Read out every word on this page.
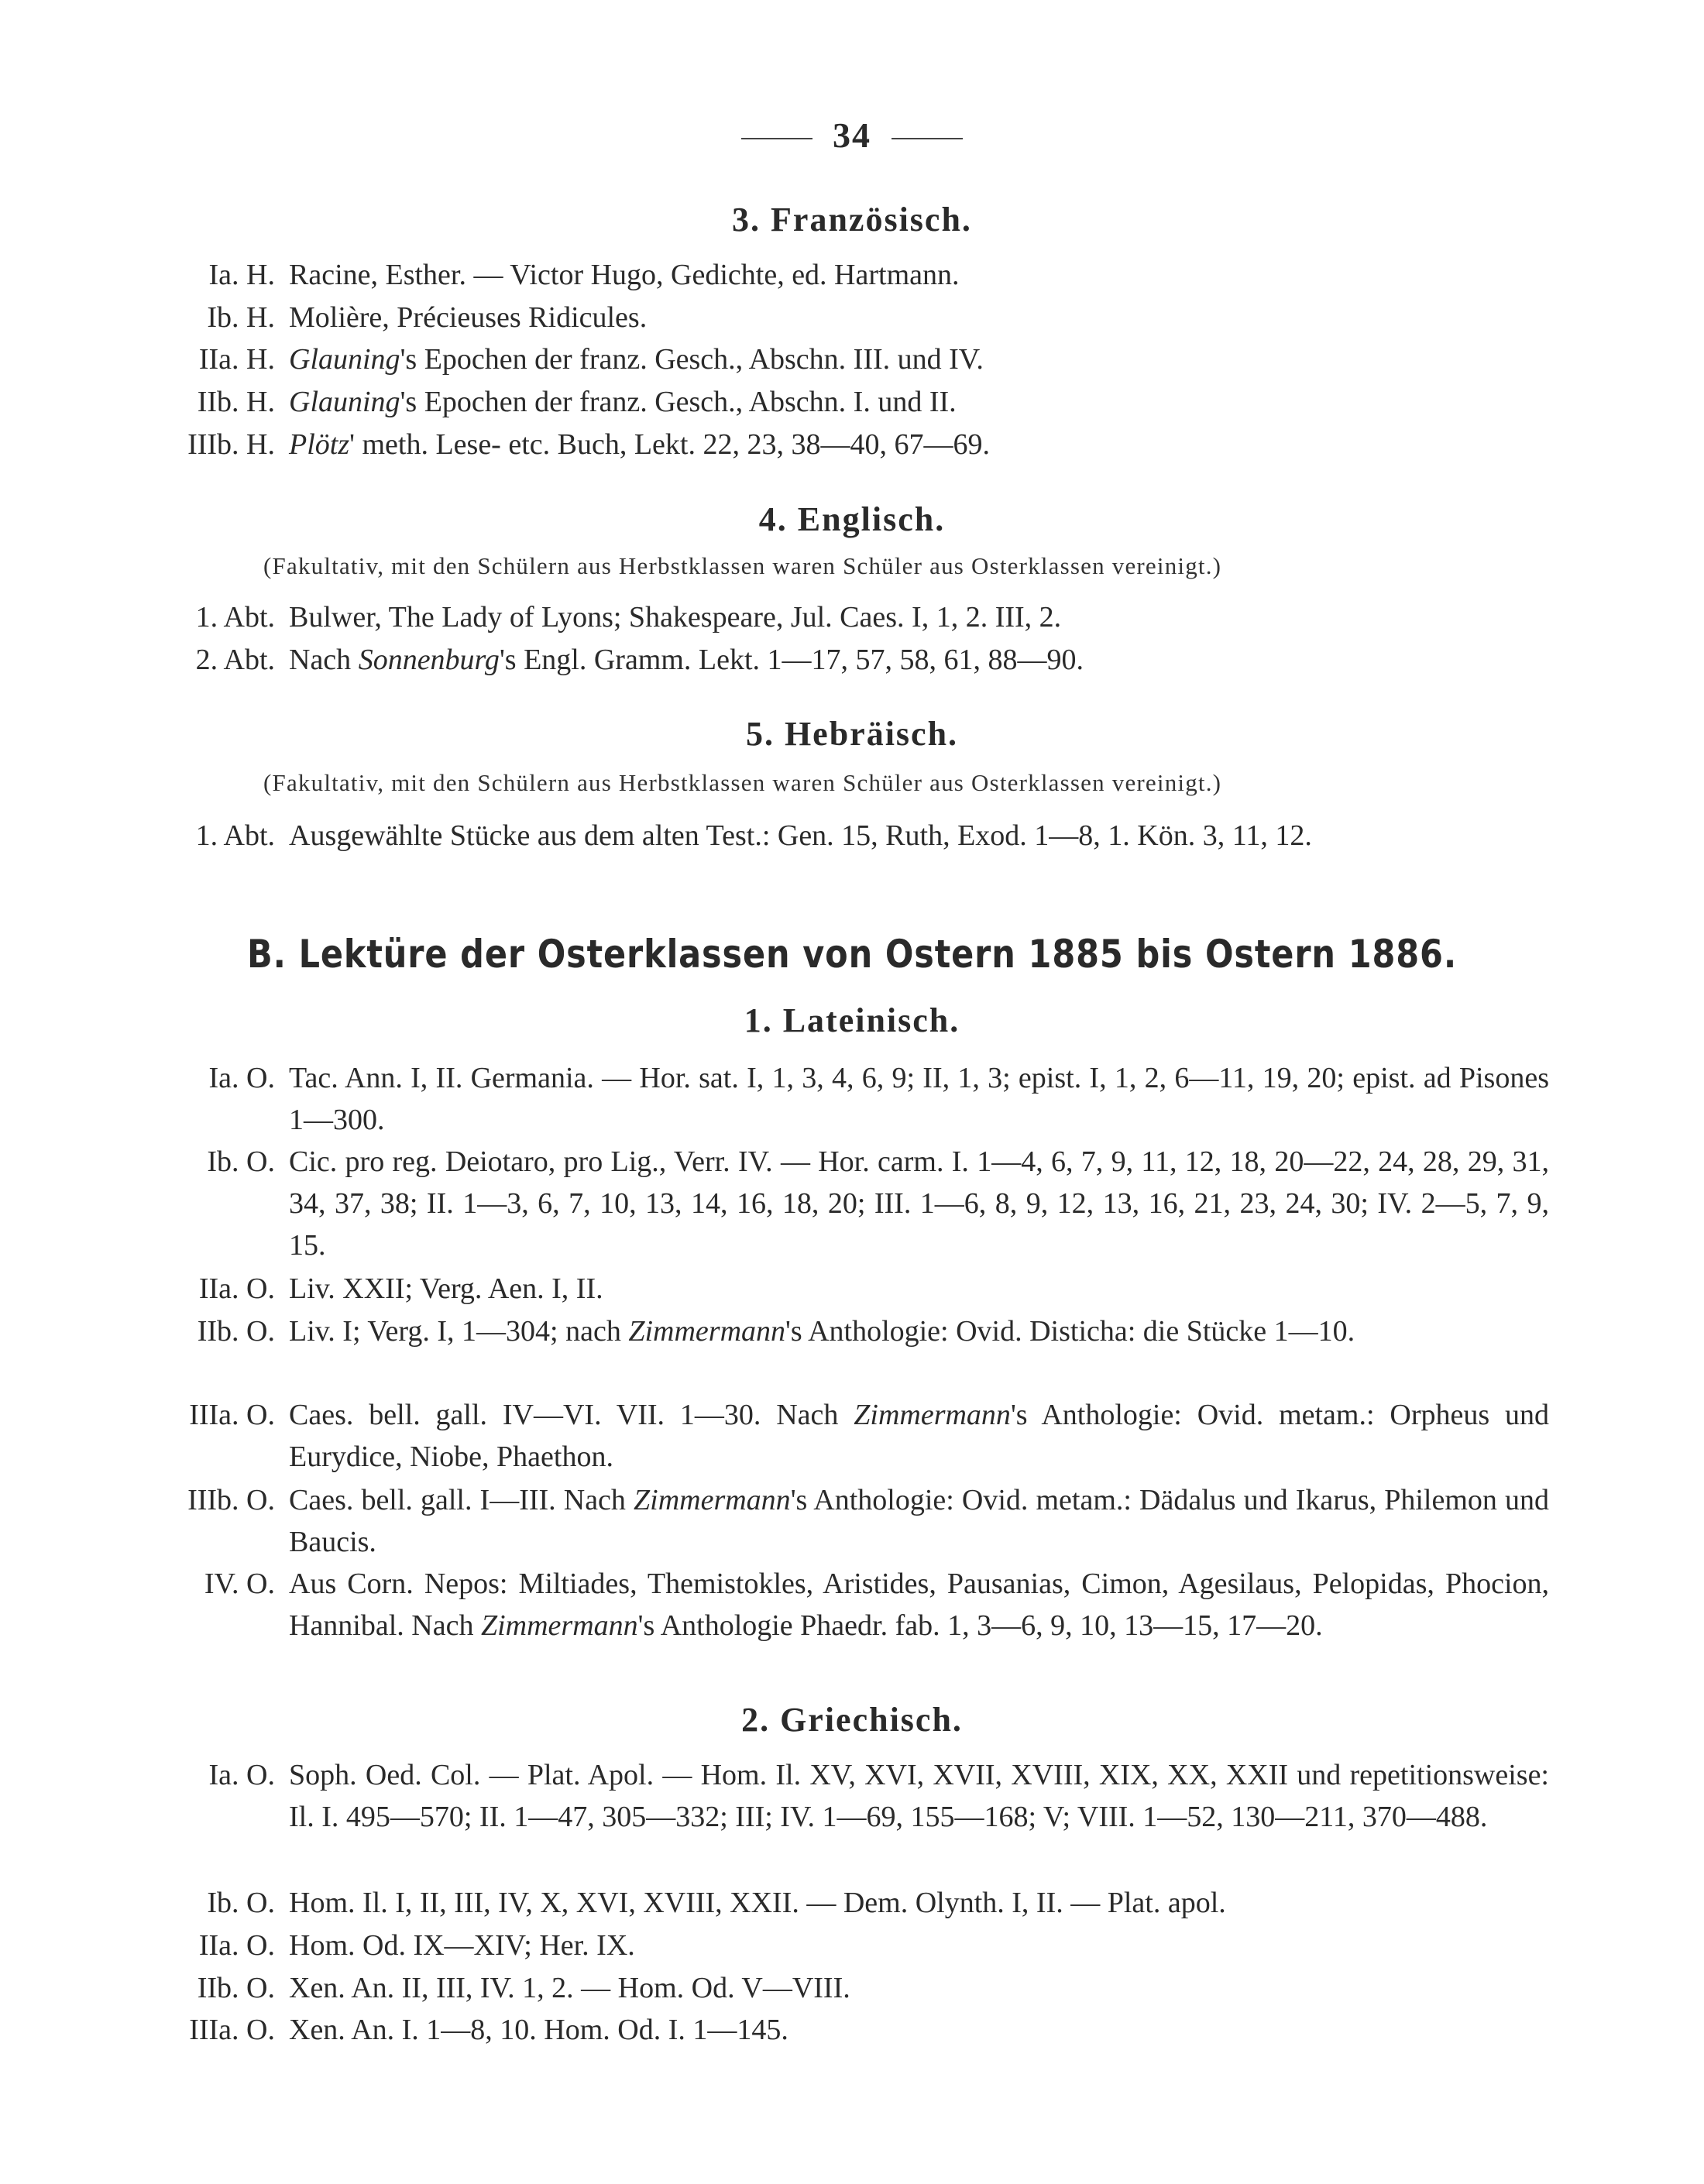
34
3. Französisch.
Ia. H. Racine, Esther. — Victor Hugo, Gedichte, ed. Hartmann.
Ib. H. Molière, Précieuses Ridicules.
IIa. H. Glauning's Epochen der franz. Gesch., Abschn. III. und IV.
IIb. H. Glauning's Epochen der franz. Gesch., Abschn. I. und II.
IIIb. H. Plötz' meth. Lese- etc. Buch, Lekt. 22, 23, 38—40, 67—69.
4. Englisch.
(Fakultativ, mit den Schülern aus Herbstklassen waren Schüler aus Osterklassen vereinigt.)
1. Abt. Bulwer, The Lady of Lyons; Shakespeare, Jul. Caes. I, 1, 2. III, 2.
2. Abt. Nach Sonnenburg's Engl. Gramm. Lekt. 1—17, 57, 58, 61, 88—90.
5. Hebräisch.
(Fakultativ, mit den Schülern aus Herbstklassen waren Schüler aus Osterklassen vereinigt.)
1. Abt. Ausgewählte Stücke aus dem alten Test.: Gen. 15, Ruth, Exod. 1—8, 1. Kön. 3, 11, 12.
B. Lektüre der Osterklassen von Ostern 1885 bis Ostern 1886.
1. Lateinisch.
Ia. O. Tac. Ann. I, II. Germania. — Hor. sat. I, 1, 3, 4, 6, 9; II, 1, 3; epist. I, 1, 2, 6—11, 19, 20; epist. ad Pisones 1—300.
Ib. O. Cic. pro reg. Deiotaro, pro Lig., Verr. IV. — Hor. carm. I. 1—4, 6, 7, 9, 11, 12, 18, 20—22, 24, 28, 29, 31, 34, 37, 38; II. 1—3, 6, 7, 10, 13, 14, 16, 18, 20; III. 1—6, 8, 9, 12, 13, 16, 21, 23, 24, 30; IV. 2—5, 7, 9, 15.
IIa. O. Liv. XXII; Verg. Aen. I, II.
IIb. O. Liv. I; Verg. I, 1—304; nach Zimmermann's Anthologie: Ovid. Disticha: die Stücke 1—10.
IIIa. O. Caes. bell. gall. IV—VI. VII. 1—30. Nach Zimmermann's Anthologie: Ovid. metam.: Orpheus und Eurydice, Niobe, Phaethon.
IIIb. O. Caes. bell. gall. I—III. Nach Zimmermann's Anthologie: Ovid. metam.: Dädalus und Ikarus, Philemon und Baucis.
IV. O. Aus Corn. Nepos: Miltiades, Themistokles, Aristides, Pausanias, Cimon, Agesilaus, Pelopidas, Phocion, Hannibal. Nach Zimmermann's Anthologie Phaedr. fab. 1, 3—6, 9, 10, 13—15, 17—20.
2. Griechisch.
Ia. O. Soph. Oed. Col. — Plat. Apol. — Hom. Il. XV, XVI, XVII, XVIII, XIX, XX, XXII und repetitionsweise: Il. I. 495—570; II. 1—47, 305—332; III; IV. 1—69, 155—168; V; VIII. 1—52, 130—211, 370—488.
Ib. O. Hom. Il. I, II, III, IV, X, XVI, XVIII, XXII. — Dem. Olynth. I, II. — Plat. apol.
IIa. O. Hom. Od. IX—XIV; Her. IX.
IIb. O. Xen. An. II, III, IV. 1, 2. — Hom. Od. V—VIII.
IIIa. O. Xen. An. I. 1—8, 10. Hom. Od. I. 1—145.
